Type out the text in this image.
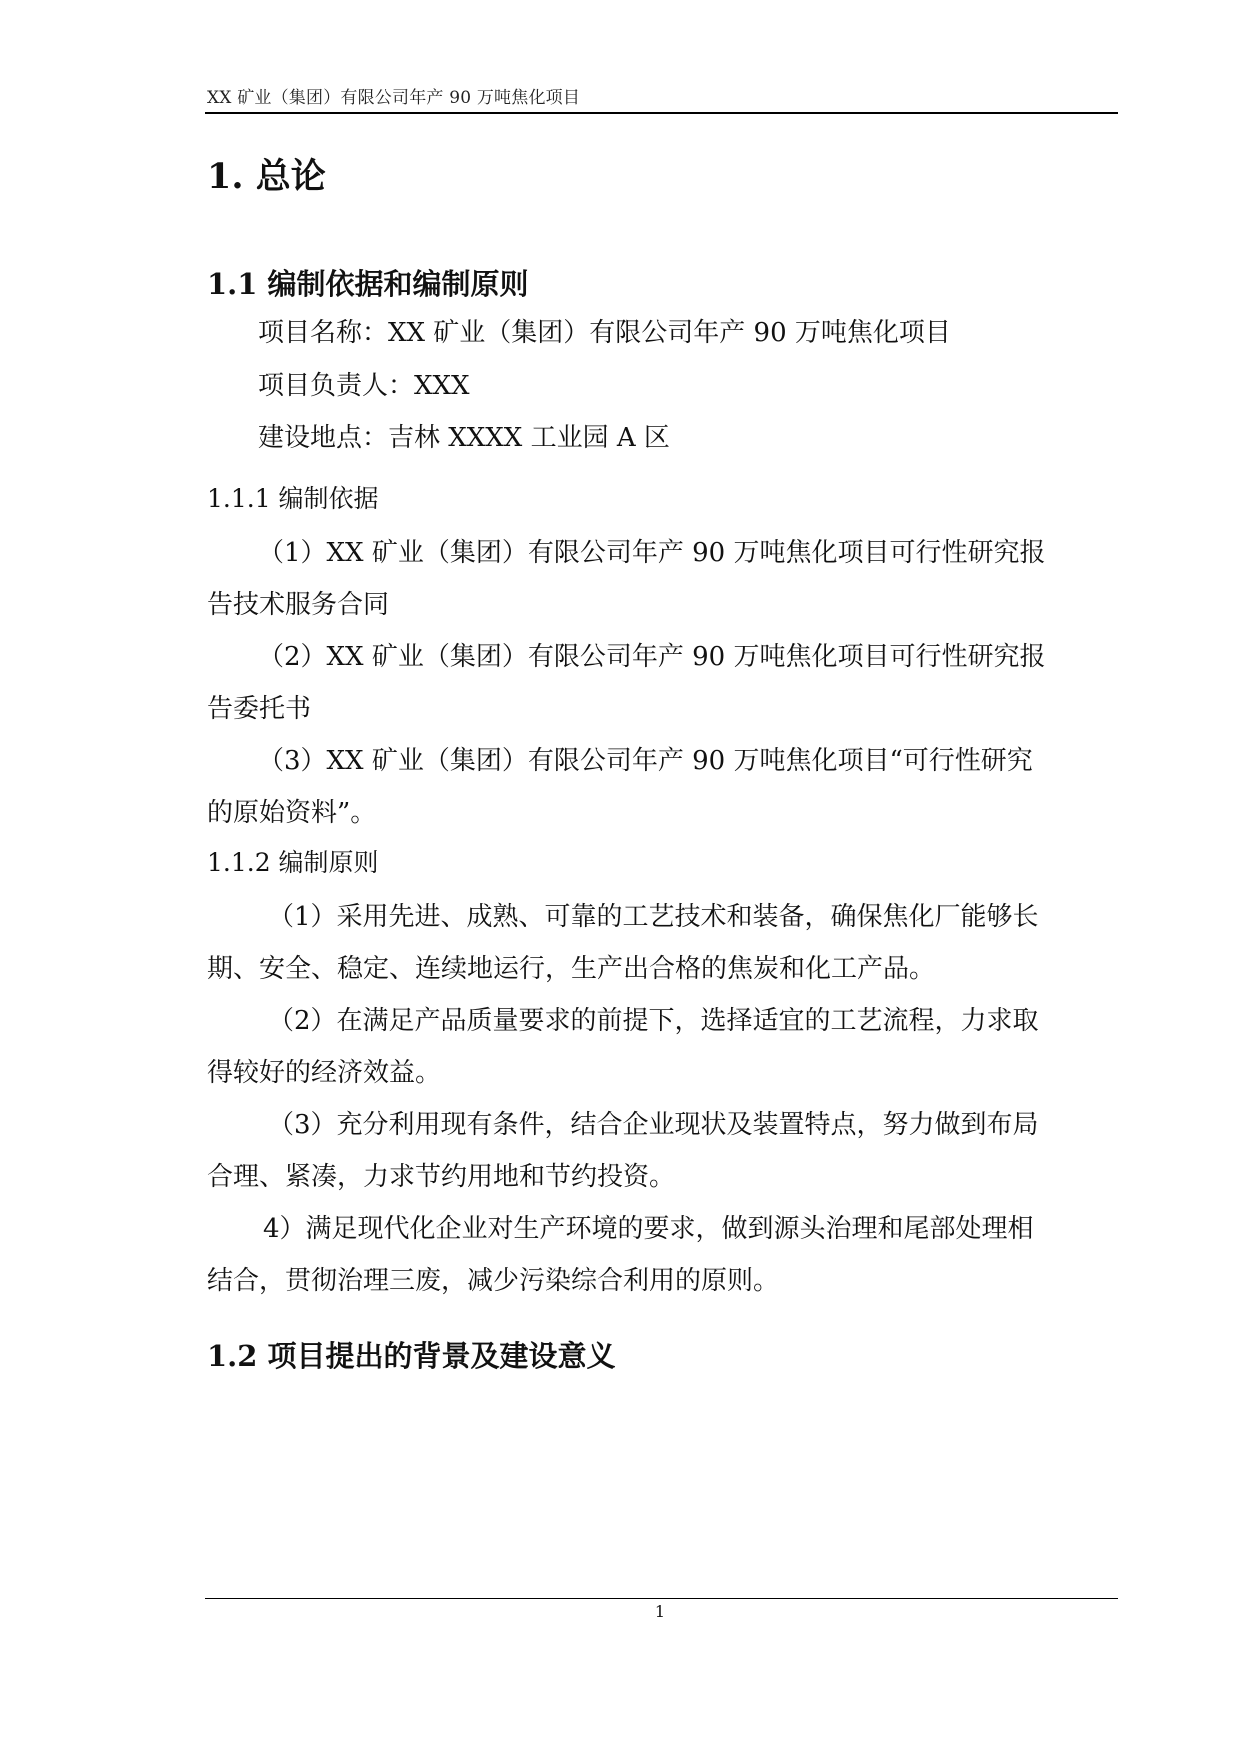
XX 矿业（集团）有限公司年产 90 万吨焦化项目
1. 总论
1.1 编制依据和编制原则
项目名称：XX 矿业（集团）有限公司年产 90 万吨焦化项目
项目负责人：XXX
建设地点：吉林 XXXX 工业园 A 区
1.1.1 编制依据
（1）XX 矿业（集团）有限公司年产 90 万吨焦化项目可行性研究报
告技术服务合同
（2）XX 矿业（集团）有限公司年产 90 万吨焦化项目可行性研究报
告委托书
（3）XX 矿业（集团）有限公司年产 90 万吨焦化项目“可行性研究
的原始资料”。
1.1.2 编制原则
（1）采用先进、成熟、可靠的工艺技术和装备，确保焦化厂能够长
期、安全、稳定、连续地运行，生产出合格的焦炭和化工产品。
（2）在满足产品质量要求的前提下，选择适宜的工艺流程，力求取
得较好的经济效益。
（3）充分利用现有条件，结合企业现状及装置特点，努力做到布局
合理、紧凑，力求节约用地和节约投资。
4）满足现代化企业对生产环境的要求，做到源头治理和尾部处理相
结合，贯彻治理三废，减少污染综合利用的原则。
1.2 项目提出的背景及建设意义
1
